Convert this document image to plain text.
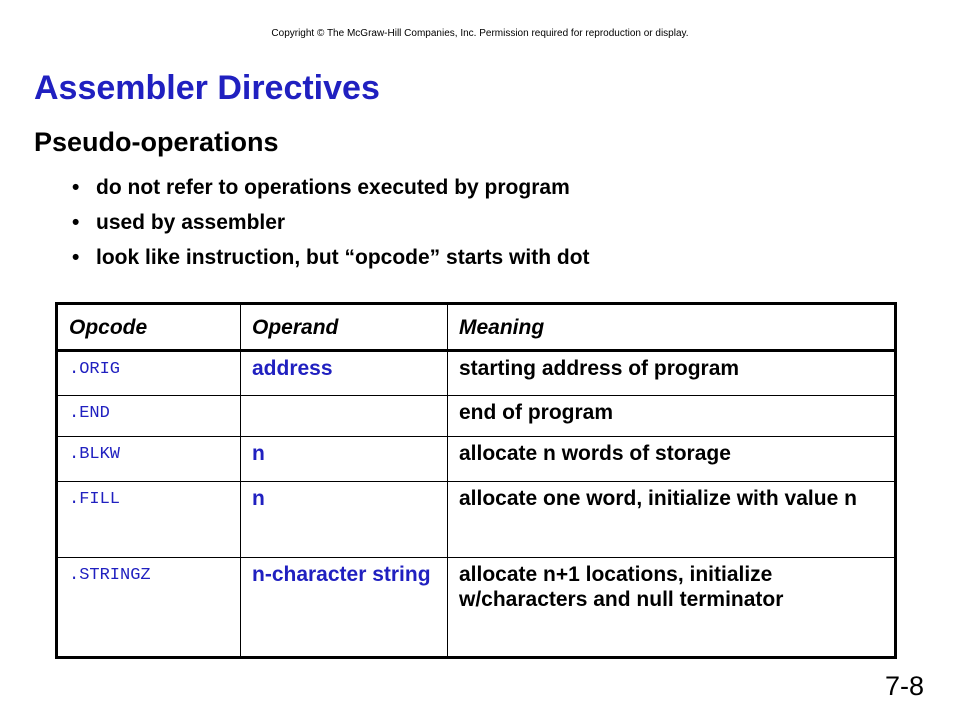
Copyright © The McGraw-Hill Companies, Inc. Permission required for reproduction or display.
Assembler Directives
Pseudo-operations
• do not refer to operations executed by program
• used by assembler
• look like instruction, but “opcode” starts with dot
Opcode	Operand	Meaning
.ORIG	address	starting address of program
.END		end of program
.BLKW	n	allocate n words of storage
.FILL	n	allocate one word, initialize with value n
.STRINGZ	n-character string	allocate n+1 locations, initialize w/characters and null terminator
7-8
